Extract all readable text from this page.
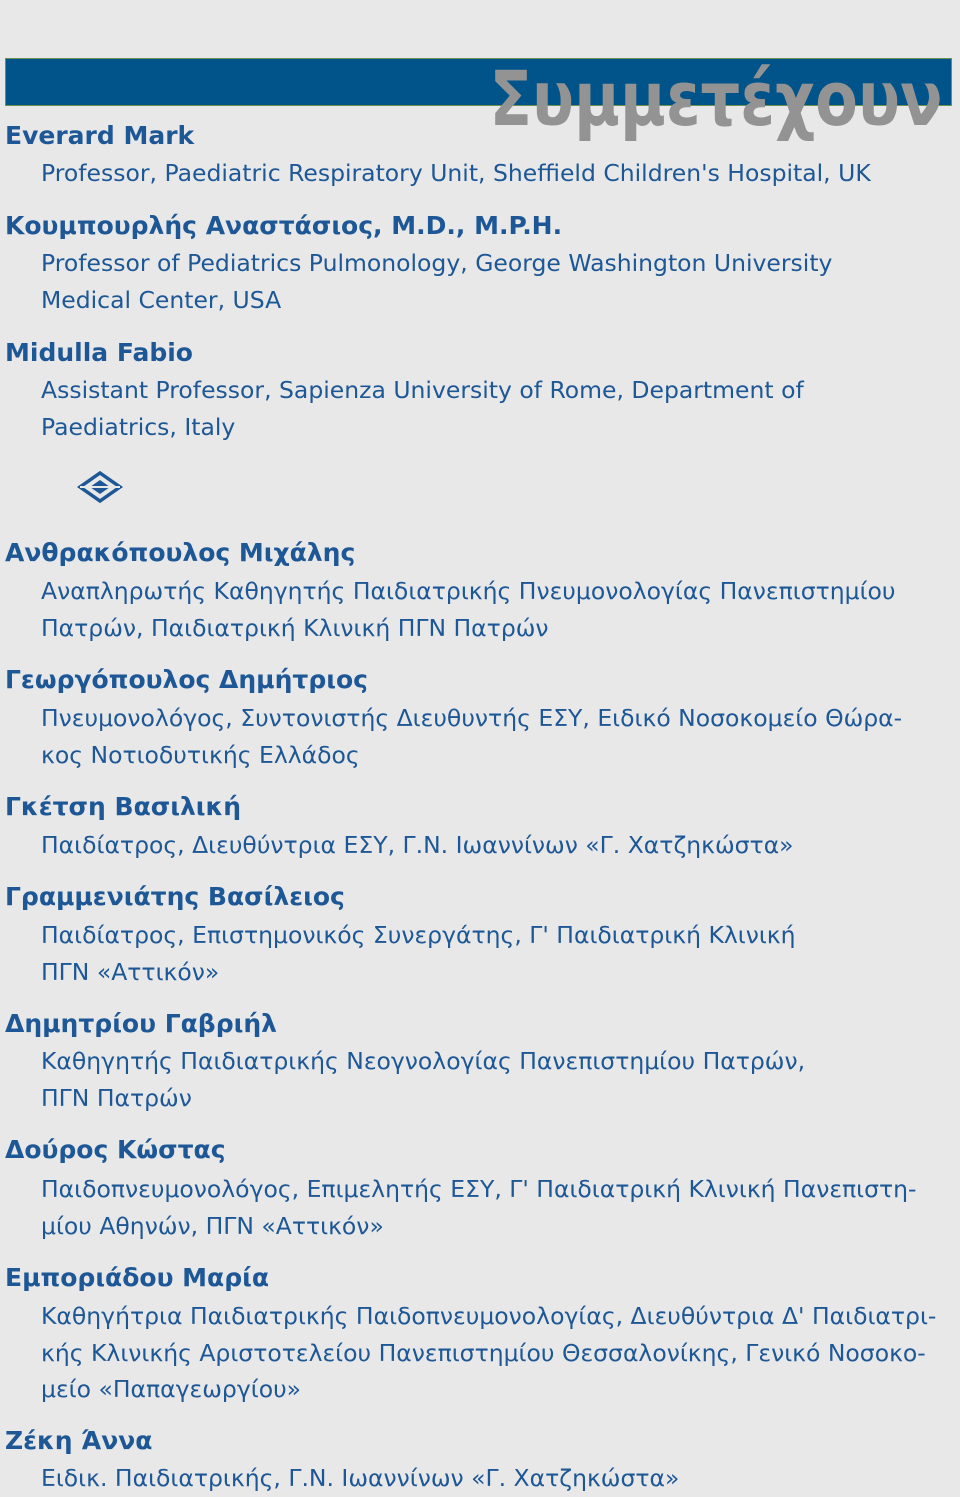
Συμμετέχουν
Everard Mark

Professor, Paediatric Respiratory Unit, Sheffield Children's Hospital, UK

Κουμπουρλής Αναστάσιος, M.D., M.P.H.

Professor of Pediatrics Pulmonology, George Washington University
Medical Center, USA

Midulla Fabio

Assistant Professor, Sapienza University of Rome, Department of
Paediatrics, Italy

Ανθρακόπουλος Μιχάλης

Αναπληρωτής Καθηγητής Παιδιατρικής Πνευμονολογίας Πανεπιστημίου
Πατρών, Παιδιατρική Κλινική ΠΓΝ Πατρών

Γεωργόπουλος Δημήτριος

Πνευμονολόγος, Συντονιστής Διευθυντής ΕΣΥ, Ειδικό Νοσοκομείο Θώρα-
κος Νοτιοδυτικής Ελλάδος

Γκέτση Βασιλική

Παιδίατρος, Διευθύντρια ΕΣΥ, Γ.Ν. Ιωαννίνων «Γ. Χατζηκώστα»

Γραμμενιάτης Βασίλειος

Παιδίατρος, Επιστημονικός Συνεργάτης, Γ' Παιδιατρική Κλινική
ΠΓΝ «Αττικόν»

Δημητρίου Γαβριήλ

Καθηγητής Παιδιατρικής Νεογνολογίας Πανεπιστημίου Πατρών,
ΠΓΝ Πατρών

Δούρος Κώστας

Παιδοπνευμονολόγος, Επιμελητής ΕΣΥ, Γ' Παιδιατρική Κλινική Πανεπιστη-
μίου Αθηνών, ΠΓΝ «Αττικόν»

Εμποριάδου Μαρία

Καθηγήτρια Παιδιατρικής Παιδοπνευμονολογίας, Διευθύντρια Δ' Παιδιατρι-
κής Κλινικής Αριστοτελείου Πανεπιστημίου Θεσσαλονίκης, Γενικό Νοσοκο-
μείο «Παπαγεωργίου»

Ζέκη Άννα

Ειδικ. Παιδιατρικής, Γ.Ν. Ιωαννίνων «Γ. Χατζηκώστα»
